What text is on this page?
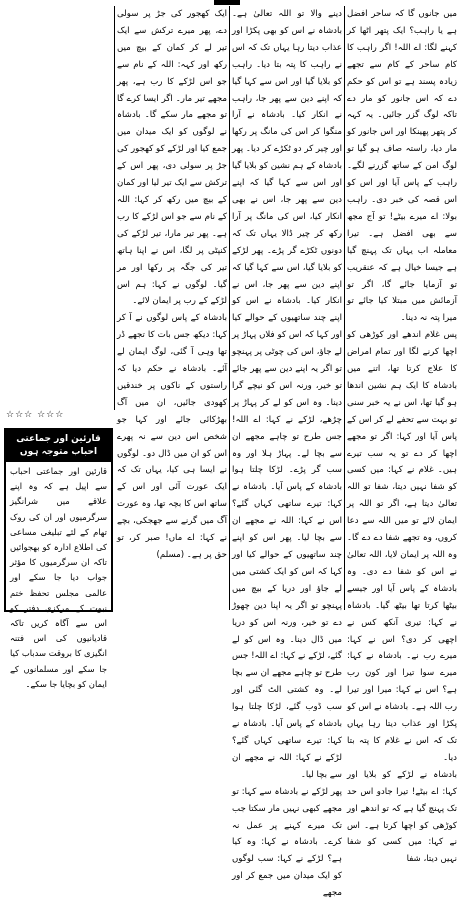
میں جانوں گا کہ ساحر افضل ہے یا راہب؟ ایک پتھر اٹھا کر کہنے لگا: اے اللہ! اگر راہب کا کام ساحر کے کام سے تجھے زیادہ پسند ہے تو اس کو حکم دے کہ اس جانور کو مار دے تاکہ لوگ گزر جائیں۔ یہ کہہ کر پتھر پھینکا اور اس جانور کو مار دیا، راستہ صاف ہو گیا تو لوگ امن کے ساتھ گزرنے لگے۔ راہب کے پاس آیا اور اس کو اس قصہ کی خبر دی۔ راہب بولا: اے میرے بیٹے! تو آج مجھ سے بھی افضل ہے۔ تیرا معاملہ اب یہاں تک پہنچ گیا ہے جیسا خیال ہے کہ عنقریب تو آزمایا جائے گا، اگر تو آزمائش میں مبتلا کیا جائے تو میرا پتہ نہ دینا۔

پس غلام اندھے اور کوڑھی کو اچھا کرنے لگا اور تمام امراض کا علاج کرتا تھا، اتنے میں بادشاہ کا ایک ہم نشین اندھا ہو گیا تھا، اس نے یہ خبر سنی تو بہت سے تحفے لے کر اس کے پاس آیا اور کہا: اگر تو مجھے اچھا کر دے تو یہ سب تیرے ہیں۔ غلام نے کہا: میں کسی کو شفا نہیں دیتا، شفا تو اللہ تعالیٰ دیتا ہے، اگر تو اللہ پر ایمان لائے تو میں اللہ سے دعا کروں، وہ تجھے شفا دے دے گا۔ وہ اللہ پر ایمان لایا، اللہ تعالیٰ نے اس کو شفا دے دی۔ وہ بادشاہ کے پاس آیا اور جیسے بیٹھا کرتا تھا بیٹھ گیا۔ بادشاہ نے کہا: تیری آنکھ کس نے اچھی کر دی؟ اس نے کہا: میرے رب نے۔ بادشاہ نے کہا: میرے سوا تیرا اور کون رب ہے؟ اس نے کہا: میرا اور تیرا رب اللہ ہے۔ بادشاہ نے اس کو پکڑا اور عذاب دیتا رہا یہاں تک کہ اس نے غلام کا پتہ بتا دیا۔

بادشاہ نے لڑکے کو بلایا اور کہا: اے بیٹے! تیرا جادو اس حد تک پہنچ گیا ہے کہ تو اندھے اور کوڑھی کو اچھا کرتا ہے۔ اس نے کہا: میں کسی کو شفا نہیں دیتا، شفا

دینے والا تو اللہ تعالیٰ ہے۔ بادشاہ نے اس کو بھی پکڑا اور عذاب دیتا رہا یہاں تک کہ اس نے راہب کا پتہ بتا دیا۔ راہب کو بلایا گیا اور اس سے کہا گیا کہ اپنے دین سے پھر جا، راہب نے انکار کیا۔ بادشاہ نے آرا منگوا کر اس کی مانگ پر رکھا اور چیر کر دو ٹکڑے کر دیا۔ پھر بادشاہ کے ہم نشین کو بلایا گیا اور اس سے کہا گیا کہ اپنے دین سے پھر جا، اس نے بھی انکار کیا، اس کی مانگ پر آرا رکھ کر چیر ڈالا یہاں تک کہ دونوں ٹکڑے گر پڑے۔ پھر لڑکے کو بلایا گیا، اس سے کہا گیا کہ اپنے دین سے پھر جا، اس نے انکار کیا۔ بادشاہ نے اس کو اپنے چند ساتھیوں کے حوالے کیا اور کہا کہ اس کو فلاں پہاڑ پر لے جاؤ، اس کی چوٹی پر پہنچو تو اگر یہ اپنے دین سے پھر جائے تو خیر، ورنہ اس کو نیچے گرا دینا۔ وہ اس کو لے کر پہاڑ پر چڑھے، لڑکے نے کہا: اے اللہ! جس طرح تو چاہے مجھے ان سے بچا لے۔ پہاڑ ہلا اور وہ سب گر پڑے۔ لڑکا چلتا ہوا بادشاہ کے پاس آیا۔ بادشاہ نے کہا: تیرے ساتھی کہاں گئے؟ اس نے کہا: اللہ نے مجھے ان سے بچا لیا۔ پھر اس کو اپنے چند ساتھیوں کے حوالے کیا اور کہا کہ اس کو ایک کشتی میں لے جاؤ اور دریا کے بیچ میں پہنچو تو اگر یہ اپنا دین چھوڑ دے تو خیر، ورنہ اس کو دریا میں ڈال دینا۔ وہ اس کو لے گئے، لڑکے نے کہا: اے اللہ! جس طرح تو چاہے مجھے ان سے بچا لے۔ وہ کشتی الٹ گئی اور سب ڈوب گئے، لڑکا چلتا ہوا بادشاہ کے پاس آیا۔ بادشاہ نے کہا: تیرے ساتھی کہاں گئے؟ لڑکے نے کہا: اللہ نے مجھے ان سے بچا لیا۔

پھر لڑکے نے بادشاہ سے کہا: تو مجھے کبھی نہیں مار سکتا جب تک میرے کہنے پر عمل نہ کرے۔ بادشاہ نے کہا: وہ کیا ہے؟ لڑکے نے کہا: سب لوگوں کو ایک میدان میں جمع کر اور مجھے

ایک کھجور کی جڑ پر سولی دے، پھر میرے ترکش سے ایک تیر لے کر کمان کے بیچ میں رکھ اور کہہ: اللہ کے نام سے جو اس لڑکے کا رب ہے، پھر مجھے تیر مار۔ اگر ایسا کرے گا تو مجھے مار سکے گا۔ بادشاہ نے لوگوں کو ایک میدان میں جمع کیا اور لڑکے کو کھجور کی جڑ پر سولی دی، پھر اس کے ترکش سے ایک تیر لیا اور کمان کے بیچ میں رکھ کر کہا: اللہ کے نام سے جو اس لڑکے کا رب ہے۔ پھر تیر مارا، تیر لڑکے کی کنپٹی پر لگا، اس نے اپنا ہاتھ تیر کی جگہ پر رکھا اور مر گیا۔ لوگوں نے کہا: ہم اس لڑکے کے رب پر ایمان لائے۔

بادشاہ کے پاس لوگوں نے آ کر کہا: دیکھ جس بات کا تجھے ڈر تھا وہی آ گئی، لوگ ایمان لے آئے۔ بادشاہ نے حکم دیا کہ راستوں کے ناکوں پر خندقیں کھودی جائیں، ان میں آگ بھڑکائی جائے اور کہا جو شخص اس دین سے نہ پھرے اس کو ان میں ڈال دو۔ لوگوں نے ایسا ہی کیا، یہاں تک کہ ایک عورت آئی اور اس کے ساتھ اس کا بچہ تھا، وہ عورت آگ میں گرنے سے جھجکی، بچے نے کہا: اے ماں! صبر کر، تو حق پر ہے۔ (مسلم)

☆☆☆ ☆☆☆
قارئین اور جماعتی احباب متوجہ ہوں
قارئین اور جماعتی احباب سے اپیل ہے کہ وہ اپنے علاقے میں شرانگیز سرگرمیوں اور ان کی روک تھام کے لئے تبلیغی مساعی کی اطلاع ادارہ کو بھجوائیں تاکہ ان سرگرمیوں کا مؤثر جواب دیا جا سکے اور عالمی مجلس تحفظ ختم نبوت کے مرکزی دفتر کو اس سے آگاہ کریں تاکہ قادیانیوں کی اس فتنہ انگیزی کا بروقت سدباب کیا جا سکے اور مسلمانوں کے ایمان کو بچایا جا سکے۔
